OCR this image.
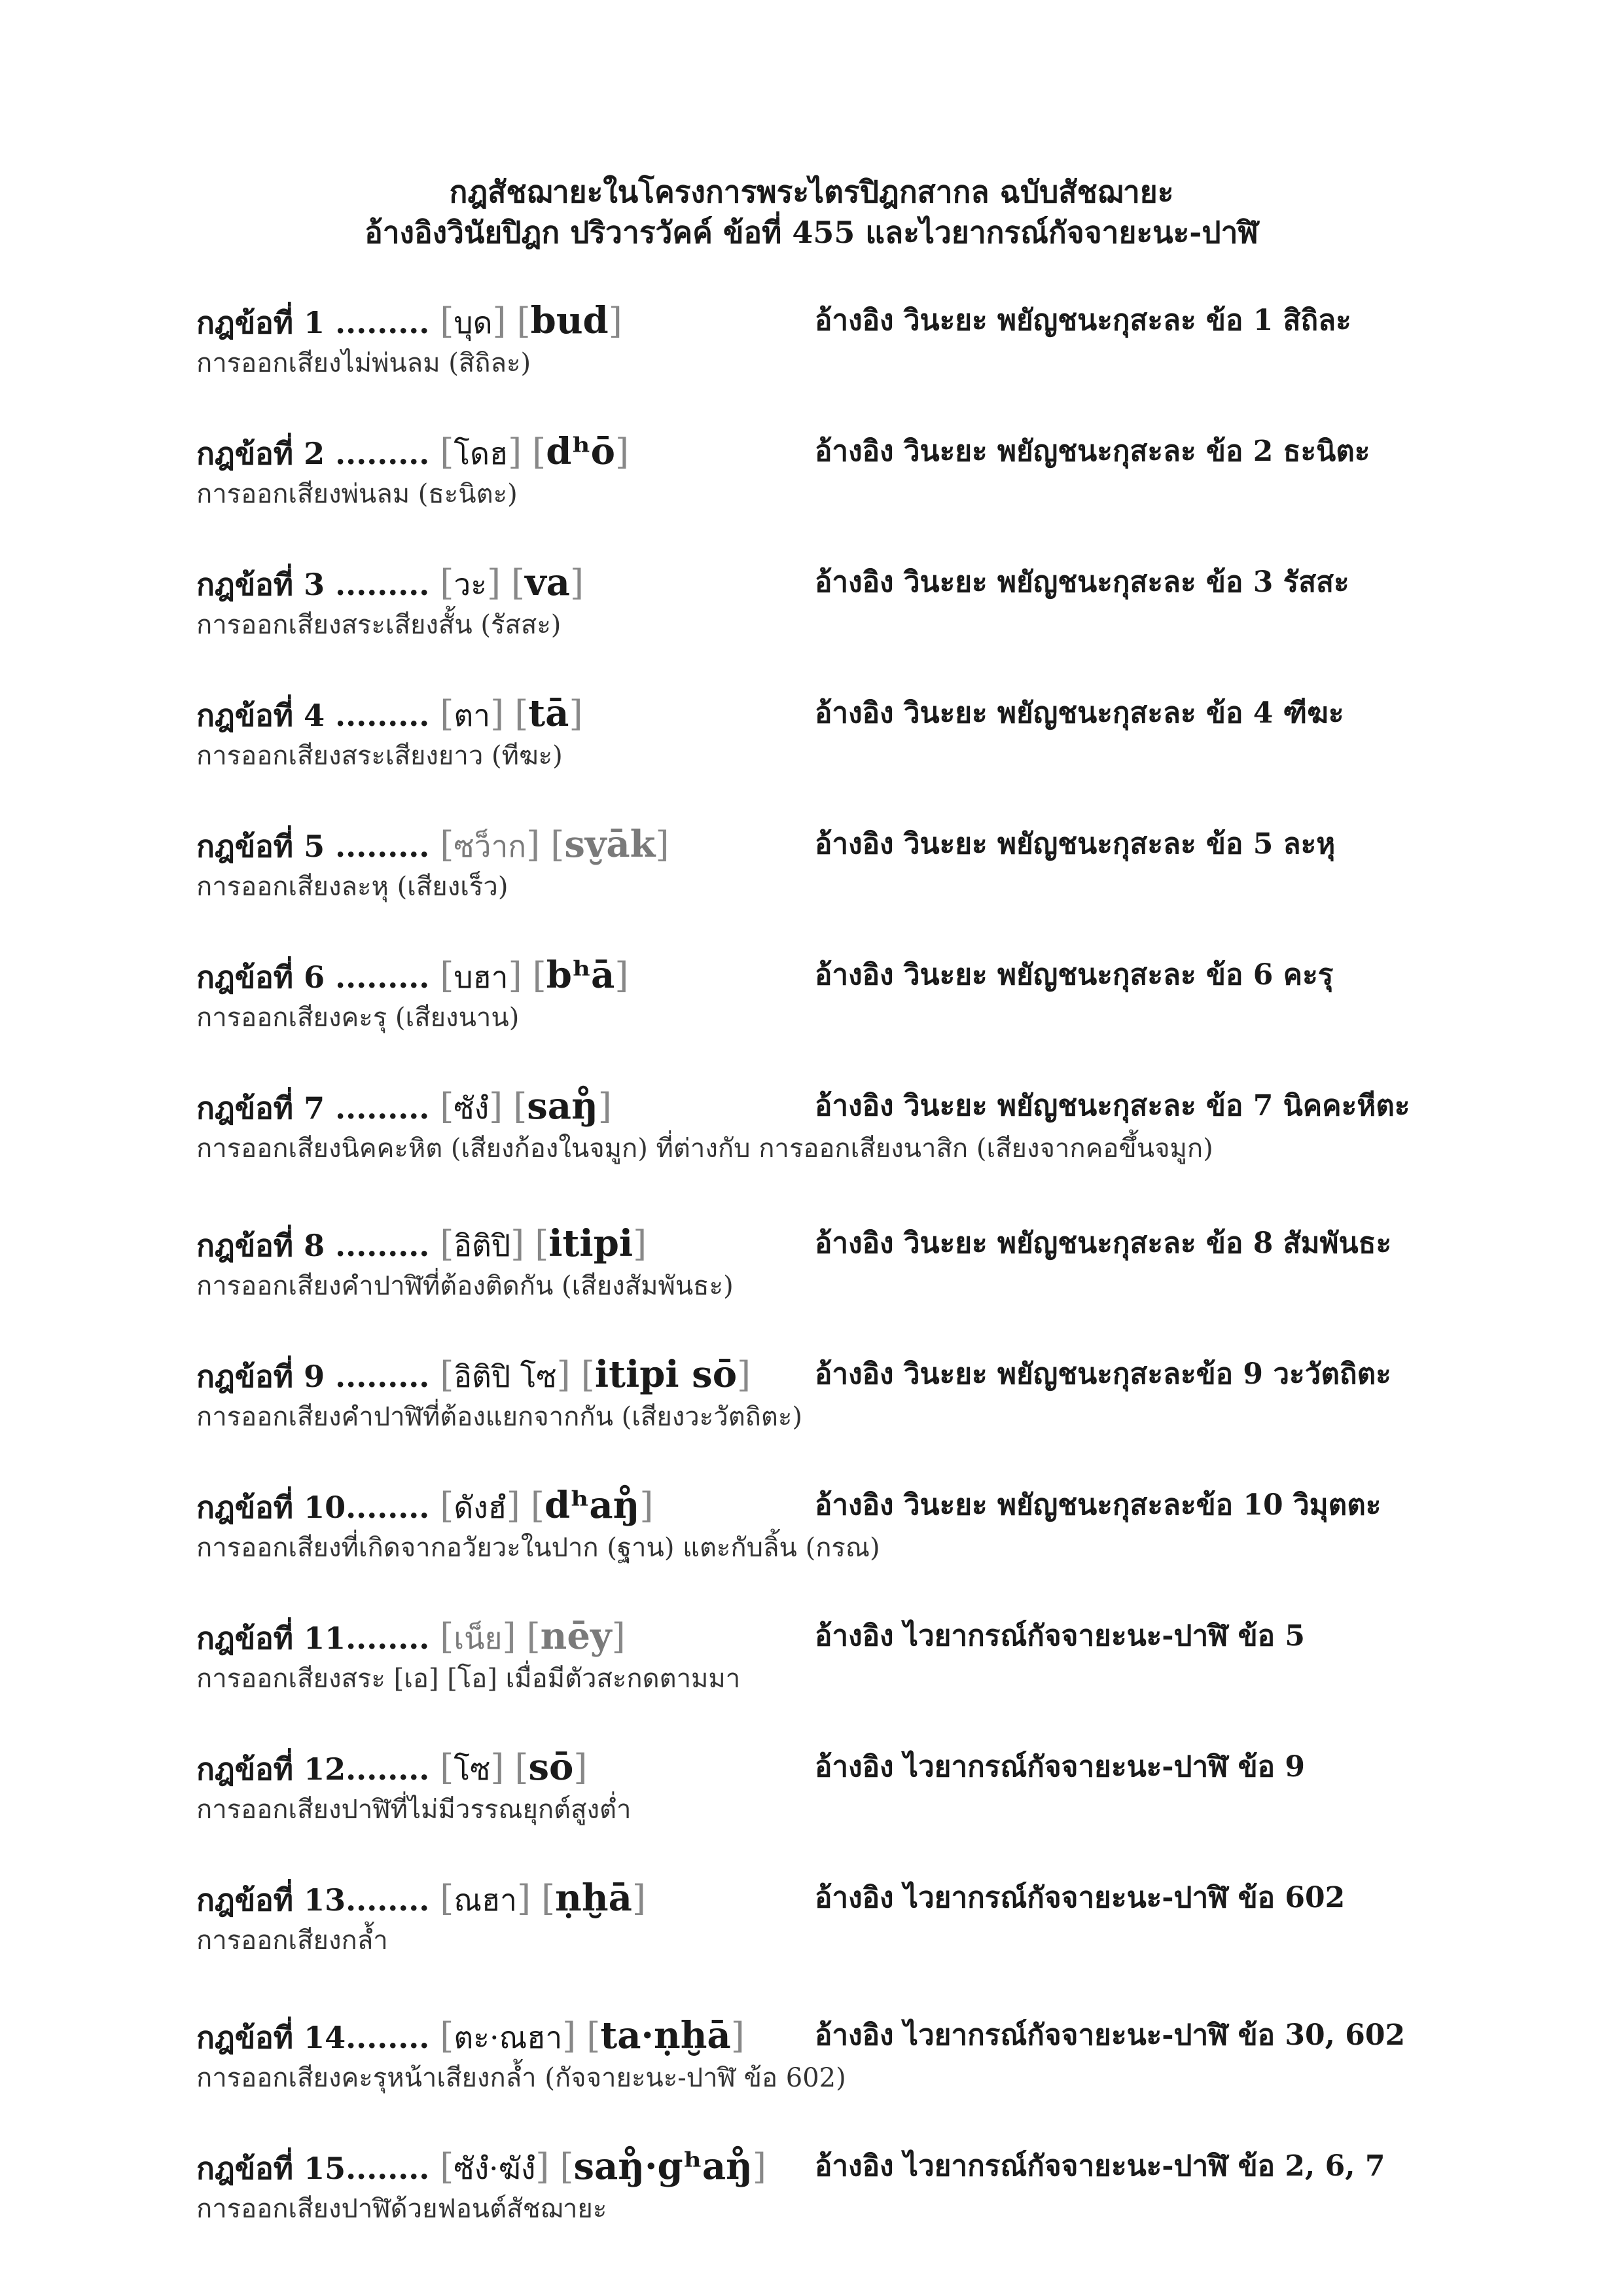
กฎสัชฌายะในโครงการพระไตรปิฎกสากล ฉบับสัชฌายะ
อ้างอิงวินัยปิฎก ปริวารวัคค์ ข้อที่ 455 และไวยากรณ์กัจจายะนะ-ปาฬิ
กฎข้อที่ 1 ......... [บุด] [bud]	อ้างอิง วินะยะ พยัญชนะกุสะละ ข้อ 1 สิถิละ
การออกเสียงไม่พ่นลม (สิถิละ)
กฎข้อที่ 2 ......... [โดฮ] [dʰō]	อ้างอิง วินะยะ พยัญชนะกุสะละ ข้อ 2 ธะนิตะ
การออกเสียงพ่นลม (ธะนิตะ)
กฎข้อที่ 3 ......... [วะ] [va]	อ้างอิง วินะยะ พยัญชนะกุสะละ ข้อ 3 รัสสะ
การออกเสียงสระเสียงสั้น (รัสสะ)
กฎข้อที่ 4 ......... [ตา] [tā]	อ้างอิง วินะยะ พยัญชนะกุสะละ ข้อ 4 ฑีฆะ
การออกเสียงสระเสียงยาว (ทีฆะ)
กฎข้อที่ 5 ......... [ซว็าก] [sv̮āk]	อ้างอิง วินะยะ พยัญชนะกุสะละ ข้อ 5 ละหุ
การออกเสียงละหุ (เสียงเร็ว)
กฎข้อที่ 6 ......... [บฮา] [bʰā]	อ้างอิง วินะยะ พยัญชนะกุสะละ ข้อ 6 คะรุ
การออกเสียงคะรุ (เสียงนาน)
กฎข้อที่ 7 ......... [ซังํ] [saŋ̊]	อ้างอิง วินะยะ พยัญชนะกุสะละ ข้อ 7 นิคคะหีตะ
การออกเสียงนิคคะหิต (เสียงก้องในจมูก) ที่ต่างกับ การออกเสียงนาสิก (เสียงจากคอขึ้นจมูก)
กฎข้อที่ 8 ......... [อิติปิ] [itipi]	อ้างอิง วินะยะ พยัญชนะกุสะละ ข้อ 8 สัมพันธะ
การออกเสียงคำปาฬิที่ต้องติดกัน (เสียงสัมพันธะ)
กฎข้อที่ 9 ......... [อิติปิ โซ] [itipi sō] อ้างอิง วินะยะ พยัญชนะกุสะละข้อ 9 วะวัตถิตะ
การออกเสียงคำปาฬิที่ต้องแยกจากกัน (เสียงวะวัตถิตะ)
กฎข้อที่ 10........ [ดังฮํ] [dʰaŋ̊]	อ้างอิง วินะยะ พยัญชนะกุสะละข้อ 10 วิมุตตะ
การออกเสียงที่เกิดจากอวัยวะในปาก (ฐาน) แตะกับลิ้น (กรณ)
กฎข้อที่ 11........ [เน็ย] [nēy]	อ้างอิง ไวยากรณ์กัจจายะนะ-ปาฬิ ข้อ 5
การออกเสียงสระ [เอ] [โอ] เมื่อมีตัวสะกดตามมา
กฎข้อที่ 12........ [โซ] [sō]	อ้างอิง ไวยากรณ์กัจจายะนะ-ปาฬิ ข้อ 9
การออกเสียงปาฬิที่ไม่มีวรรณยุกต์สูงต่ำ
กฎข้อที่ 13........ [ณฮา] [ṇḫā]	อ้างอิง ไวยากรณ์กัจจายะนะ-ปาฬิ ข้อ 602
การออกเสียงกล้ำ
กฎข้อที่ 14........ [ตะ·ณฮา] [ta·ṇḫā] อ้างอิง ไวยากรณ์กัจจายะนะ-ปาฬิ ข้อ 30, 602
การออกเสียงคะรุหน้าเสียงกล้ำ (กัจจายะนะ-ปาฬิ ข้อ 602)
กฎข้อที่ 15........ [ซังํ·ฆังํ] [saŋ̊·gʰaŋ̊] อ้างอิง ไวยากรณ์กัจจายะนะ-ปาฬิ ข้อ 2, 6, 7
การออกเสียงปาฬิด้วยฟอนต์สัชฌายะ
